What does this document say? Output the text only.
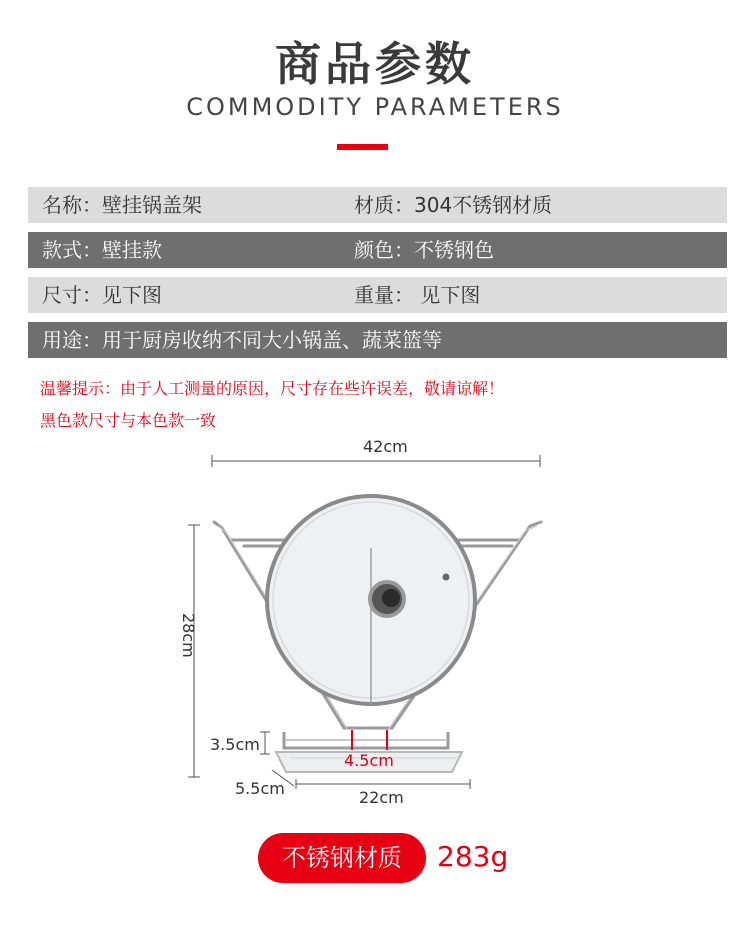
商品参数
COMMODITY PARAMETERS
名称：壁挂锅盖架	材质：304不锈钢材质
款式：壁挂款	颜色：不锈钢色
尺寸：见下图	重量： 见下图
用途：用于厨房收纳不同大小锅盖、蔬菜篮等
温馨提示：由于人工测量的原因，尺寸存在些许误差，敬请谅解！
黑色款尺寸与本色款一致
42cm
28cm
3.5cm
4.5cm
5.5cm	22cm
不锈钢材质	283g
